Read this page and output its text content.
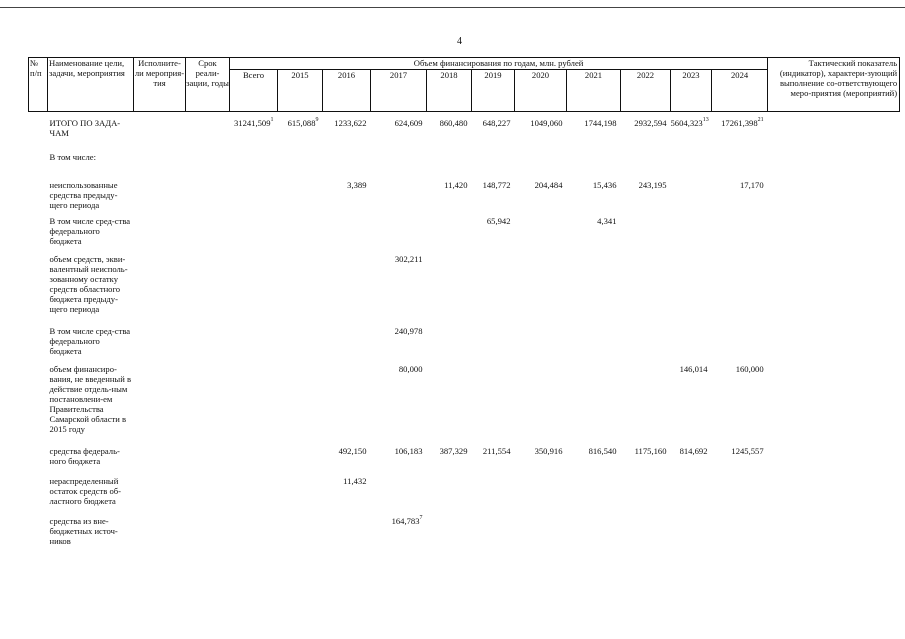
4
№ п/п	Наименование цели, задачи, мероприятия	Исполните-ли мероприя-тия	Срок реали-зации, годы	Объем финансирования по годам, млн. рублей											Тактический показатель (индикатор), характери-зующий выполнение со-ответствующего меро-приятия (мероприятий)
				Всего	2015	2016	2017	2018	2019	2020	2021	2022	2023	2024	

	ИТОГО ПО ЗАДА-ЧАМ			31241,509$^1$	615,088$^9$	1233,622	624,609	860,480	648,227	1049,060	1744,198	2932,594	5604,323$^{13}$	17261,398$^{21}$	
	В том числе:														
	неиспользованные средства предыду-щего периода					3,389		11,420	148,772	204,484	15,436	243,195		17,170	
	В том числе сред-ства федерального бюджета								65,942		4,341				
	объем средств, экви-валентный неисполь-зованному остатку средств областного бюджета предыду-щего периода						302,211								
	В том числе сред-ства федерального бюджета						240,978								
	объем финансиро-вания, не введенный в действие отдель-ным постановлени-ем Правительства Самарской области в 2015 году						80,000						146,014	160,000	
	средства федераль-ного бюджета					492,150	106,183	387,329	211,554	350,916	816,540	1175,160	814,692	1245,557	
	нераспределенный остаток средств об-ластного бюджета					11,432									
	средства из вне-бюджетных источ-ников						164,783$^7$								
